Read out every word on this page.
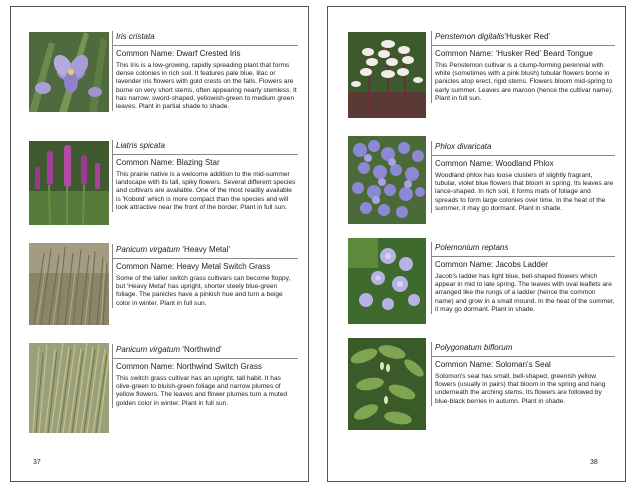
Iris cristata
Common Name: Dwarf Crested Iris
This Iris is a low-growing, rapidly spreading plant that forms dense colonies in rich soil. It features pale blue, lilac or lavender iris flowers with gold crests on the falls. Flowers are borne on very short stems, often appearing nearly stemless. It has narrow, sword-shaped, yellowish-green to medium green leaves. Plant in partial shade to shade.
Liatris spicata
Common Name: Blazing Star
This prairie native is a welcome addition to the mid-summer landscape with its tall, spiky flowers. Several different species and cultivars are available. One of the most readily available is 'Kobold' which is more compact than the species and will look attractive near the front of the border. Plant in full sun.
Panicum virgatum ‘Heavy Metal’
Common Name: Heavy Metal Switch Grass
Some of the taller switch grass cultivars can become floppy, but 'Heavy Metal' has upright, shorter steely blue-green foliage. The panicles have a pinkish hue and turn a beige color in winter. Plant in full sun.
Panicum virgatum ‘Northwind’
Common Name: Northwind Switch Grass
This switch grass cultivar has an upright, tall habit. It has olive-green to bluish-green foliage and narrow plumes of yellow flowers. The leaves and flower plumes turn a muted golden color in winter. Plant in full sun.
37
Penstemon digitalis‘Husker Red’
Common Name: ‘Husker Red’ Beard Tongue
This Penstemon cultivar is a clump-forming perennial with white (sometimes with a pink blush) tubular flowers borne in panicles atop erect, rigid stems. Flowers bloom mid-spring to early summer. Leaves are maroon (hence the cultivar name). Plant in full sun.
Phlox divaricata
Common Name: Woodland Phlox
Woodland phlox has loose clusters of slightly fragrant, tubular, violet blue flowers that bloom in spring. Its leaves are lance-shaped. In rich soil, it forms mats of foliage and spreads to form large colonies over time. In the heat of the summer, it may go dormant. Plant in shade.
Polemonium reptans
Common Name: Jacobs Ladder
Jacob's ladder has light blue, bell-shaped flowers which appear in mid to late spring. The leaves with oval leaflets are arranged like the rungs of a ladder (hence the common name) and grow in a small mound. In the heat of the summer, it may go dormant. Plant in shade.
Polygonatum biflorum
Common Name: Soloman's Seal
Solomon's seal has small, bell-shaped, greenish yellow flowers (usually in pairs) that bloom in the spring and hang underneath the arching stems. Its flowers are followed by blue-black berries in autumn. Plant in shade.
38
